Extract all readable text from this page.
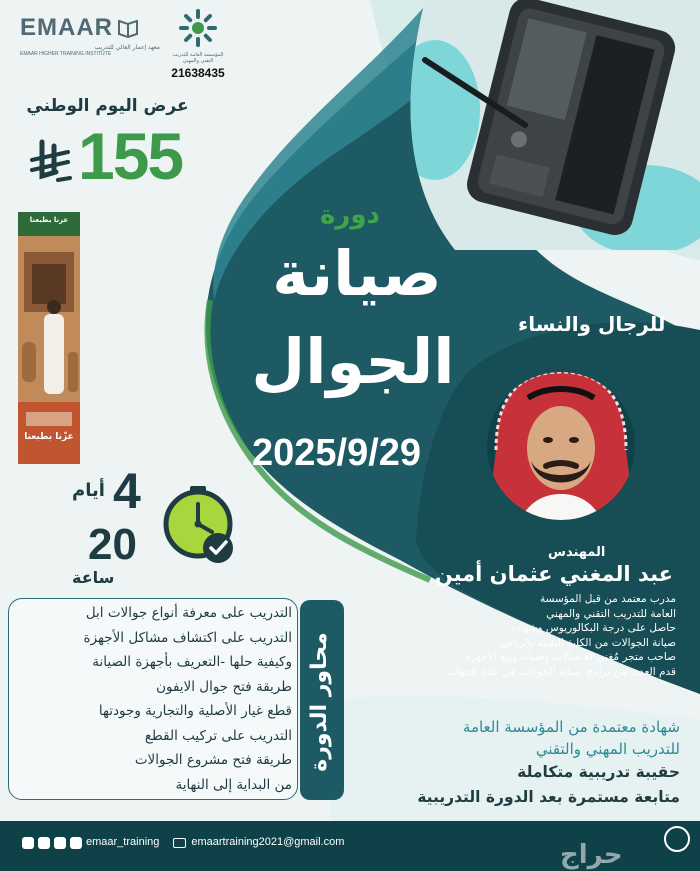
EMAAR
معهد إعمار العالي للتدريب
EMAAR HIGHER TRAINING INSTITUTE	المؤسسة العامة للتدريب التقني والمهني
21638435
عرض اليوم الوطني
155
عزنا بطبعنا
عزّنا بطبعنا
دورة
صيانة
الجوال
للرجال والنساء
2025/9/29
4
أيام
20
ساعة
المهندس
عبد المغني عثمان أمين
مدرب معتمد من قبل المؤسسة
العامة للتدريب التقني والمهني
حاصل على درجة البكالوريوس وشهادة
صيانة الجوالات من الكلية التقنية بالرياض
صاحب متجر مُغني للاتصالات وصيانة وبيع الأجهزة
قدم العديد من برامج صيانة الجوالات في عدة الجهات
التدريب على معرفة أنواع جوالات ابل
التدريب على اكتشاف مشاكل الأجهزة
وكيفية حلها -التعريف بأجهزة الصيانة
طريقة فتح جوال الايفون
قطع غيار الأصلية والتجارية وجودتها
التدريب على تركيب القطع
طريقة فتح مشروع الجوالات
من البداية إلى النهاية
محاور الدورة	شهادة معتمدة من المؤسسة العامة
للتدريب المهني والتقني
حقيبة تدريبية متكاملة
متابعة مستمرة بعد الدورة التدريبية
emaar_training	emaartraining2021@gmail.com	حراج
